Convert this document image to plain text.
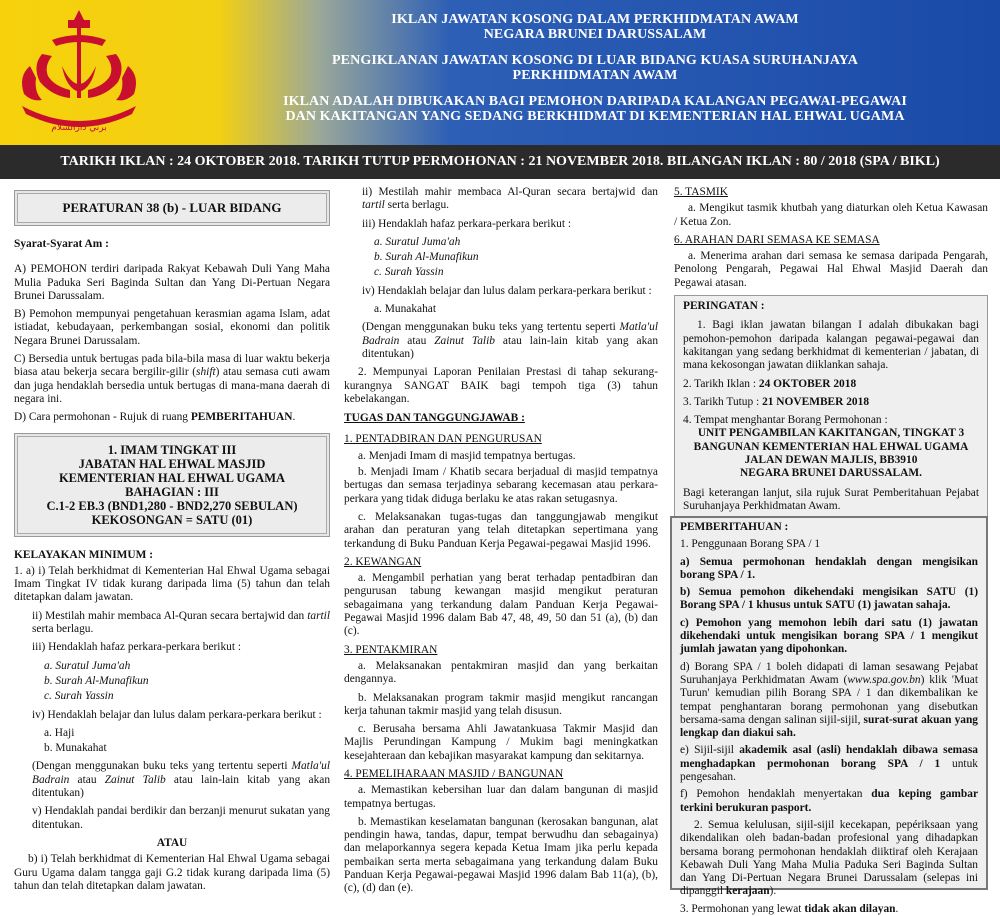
برني دارالسلام
IKLAN JAWATAN KOSONG DALAM PERKHIDMATAN AWAM
NEGARA BRUNEI DARUSSALAM
PENGIKLANAN JAWATAN KOSONG DI LUAR BIDANG KUASA SURUHANJAYA
PERKHIDMATAN AWAM
IKLAN ADALAH DIBUKAKAN BAGI PEMOHON DARIPADA KALANGAN PEGAWAI-PEGAWAI
DAN KAKITANGAN YANG SEDANG BERKHIDMAT DI KEMENTERIAN HAL EHWAL UGAMA
TARIKH IKLAN : 24 OKTOBER 2018. TARIKH TUTUP PERMOHONAN : 21 NOVEMBER 2018. BILANGAN IKLAN : 80 / 2018 (SPA / BIKL)
PERATURAN 38 (b) - LUAR BIDANG

Syarat-Syarat Am :

A) PEMOHON terdiri daripada Rakyat Kebawah Duli Yang Maha Mulia Paduka Seri Baginda Sultan dan Yang Di-Pertuan Negara Brunei Darussalam.

B) Pemohon mempunyai pengetahuan kerasmian agama Islam, adat istiadat, kebudayaan, perkembangan sosial, ekonomi dan politik Negara Brunei Darussalam.

C) Bersedia untuk bertugas pada bila-bila masa di luar waktu bekerja biasa atau bekerja secara bergilir-gilir (shift) atau semasa cuti awam dan juga hendaklah bersedia untuk bertugas di mana-mana daerah di negara ini.

D) Cara permohonan - Rujuk di ruang PEMBERITAHUAN.

1. IMAM TINGKAT III
JABATAN HAL EHWAL MASJID
KEMENTERIAN HAL EHWAL UGAMA
BAHAGIAN : III
C.1-2 EB.3 (BND1,280 - BND2,270 SEBULAN)
KEKOSONGAN = SATU (01)

KELAYAKAN MINIMUM :

1. a) i) Telah berkhidmat di Kementerian Hal Ehwal Ugama sebagai Imam Tingkat IV tidak kurang daripada lima (5) tahun dan telah ditetapkan dalam jawatan.

ii) Mestilah mahir membaca Al-Quran secara bertajwid dan tartil serta berlagu.

iii) Hendaklah hafaz perkara-perkara berikut :

a. Suratul Juma'ah

b. Surah Al-Munafikun

c. Surah Yassin

iv) Hendaklah belajar dan lulus dalam perkara-perkara berikut :

a. Haji

b. Munakahat

(Dengan menggunakan buku teks yang tertentu seperti Matla'ul Badrain atau Zainut Talib atau lain-lain kitab yang akan ditentukan)

v) Hendaklah pandai berdikir dan berzanji menurut sukatan yang ditentukan.

ATAU

b) i) Telah berkhidmat di Kementerian Hal Ehwal Ugama sebagai Guru Ugama dalam tangga gaji G.2 tidak kurang daripada lima (5) tahun dan telah ditetapkan dalam jawatan.

ii) Mestilah mahir membaca Al-Quran secara bertajwid dan tartil serta berlagu.

iii) Hendaklah hafaz perkara-perkara berikut :

a. Suratul Juma'ah

b. Surah Al-Munafikun

c. Surah Yassin

iv) Hendaklah belajar dan lulus dalam perkara-perkara berikut :

a. Munakahat

(Dengan menggunakan buku teks yang tertentu seperti Matla'ul Badrain atau Zainut Talib atau lain-lain kitab yang akan ditentukan)

2. Mempunyai Laporan Penilaian Prestasi di tahap sekurang-kurangnya SANGAT BAIK bagi tempoh tiga (3) tahun kebelakangan.

TUGAS DAN TANGGUNGJAWAB :

1. PENTADBIRAN DAN PENGURUSAN

a. Menjadi Imam di masjid tempatnya bertugas.

b. Menjadi Imam / Khatib secara berjadual di masjid tempatnya bertugas dan semasa terjadinya sebarang kecemasan atau perkara-perkara yang tidak diduga berlaku ke atas rakan setugasnya.

c. Melaksanakan tugas-tugas dan tanggungjawab mengikut arahan dan peraturan yang telah ditetapkan sepertimana yang terkandung di Buku Panduan Kerja Pegawai-pegawai Masjid 1996.

2. KEWANGAN

a. Mengambil perhatian yang berat terhadap pentadbiran dan pengurusan tabung kewangan masjid mengikut peraturan sebagaimana yang terkandung dalam Panduan Kerja Pegawai-Pegawai Masjid 1996 dalam Bab 47, 48, 49, 50 dan 51 (a), (b) dan (c).

3. PENTAKMIRAN

a. Melaksanakan pentakmiran masjid dan yang berkaitan dengannya.

b. Melaksanakan program takmir masjid mengikut rancangan kerja tahunan takmir masjid yang telah disusun.

c. Berusaha bersama Ahli Jawatankuasa Takmir Masjid dan Majlis Perundingan Kampung / Mukim bagi meningkatkan kesejahteraan dan kebajikan masyarakat kampung dan sekitarnya.

4. PEMELIHARAAN MASJID / BANGUNAN

a. Memastikan kebersihan luar dan dalam bangunan di masjid tempatnya bertugas.

b. Memastikan keselamatan bangunan (kerosakan bangunan, alat pendingin hawa, tandas, dapur, tempat berwudhu dan sebagainya) dan melaporkannya segera kepada Ketua Imam jika perlu kepada pembaikan serta merta sebagaimana yang terkandung dalam Buku Panduan Kerja Pegawai-pegawai Masjid 1996 dalam Bab 11(a), (b), (c), (d) dan (e).

5. TASMIK

a. Mengikut tasmik khutbah yang diaturkan oleh Ketua Kawasan / Ketua Zon.

6. ARAHAN DARI SEMASA KE SEMASA

a. Menerima arahan dari semasa ke semasa daripada Pengarah, Penolong Pengarah, Pegawai Hal Ehwal Masjid Daerah dan Pegawai atasan.

PERINGATAN :

1. Bagi iklan jawatan bilangan I adalah dibukakan bagi pemohon-pemohon daripada kalangan pegawai-pegawai dan kakitangan yang sedang berkhidmat di kementerian / jabatan, di mana kekosongan jawatan diiklankan sahaja.

2. Tarikh Iklan : 24 OKTOBER 2018

3. Tarikh Tutup : 21 NOVEMBER 2018

4. Tempat menghantar Borang Permohonan :

UNIT PENGAMBILAN KAKITANGAN, TINGKAT 3
BANGUNAN KEMENTERIAN HAL EHWAL UGAMA
JALAN DEWAN MAJLIS, BB3910
NEGARA BRUNEI DARUSSALAM.

Bagi keterangan lanjut, sila rujuk Surat Pemberitahuan Pejabat Suruhanjaya Perkhidmatan Awam.

PEMBERITAHUAN :

1. Penggunaan Borang SPA / 1

a) Semua permohonan hendaklah dengan mengisikan borang SPA / 1.

b) Semua pemohon dikehendaki mengisikan SATU (1) Borang SPA / 1 khusus untuk SATU (1) jawatan sahaja.

c) Pemohon yang memohon lebih dari satu (1) jawatan dikehendaki untuk mengisikan borang SPA / 1 mengikut jumlah jawatan yang dipohonkan.

d) Borang SPA / 1 boleh didapati di laman sesawang Pejabat Suruhanjaya Perkhidmatan Awam (www.spa.gov.bn) klik 'Muat Turun' kemudian pilih Borang SPA / 1 dan dikembalikan ke tempat penghantaran borang permohonan yang disebutkan bersama-sama dengan salinan sijil-sijil, surat-surat akuan yang lengkap dan diakui sah.

e) Sijil-sijil akademik asal (asli) hendaklah dibawa semasa menghadapkan permohonan borang SPA / 1 untuk pengesahan.

f) Pemohon hendaklah menyertakan dua keping gambar terkini berukuran pasport.

2. Semua kelulusan, sijil-sijil kecekapan, pepériksaan yang dikendalikan oleh badan-badan profesional yang dihadapkan bersama borang permohonan hendaklah diiktiraf oleh Kerajaan Kebawah Duli Yang Maha Mulia Paduka Seri Baginda Sultan dan Yang Di-Pertuan Negara Brunei Darussalam (selepas ini dipanggil kerajaan).

3. Permohonan yang lewat tidak akan dilayan.
